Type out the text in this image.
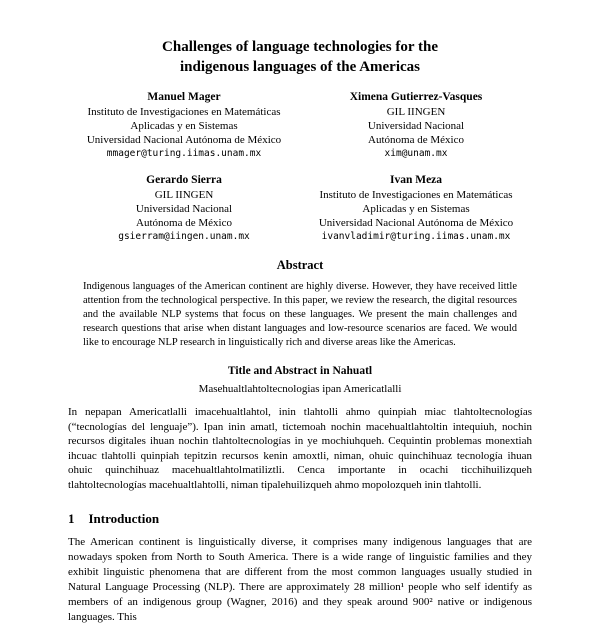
Challenges of language technologies for the
indigenous languages of the Americas
Manuel Mager
Instituto de Investigaciones en Matemáticas
Aplicadas y en Sistemas
Universidad Nacional Autónoma de México
mmager@turing.iimas.unam.mx
Ximena Gutierrez-Vasques
GIL IINGEN
Universidad Nacional
Autónoma de México
xim@unam.mx
Gerardo Sierra
GIL IINGEN
Universidad Nacional
Autónoma de México
gsierram@iingen.unam.mx
Ivan Meza
Instituto de Investigaciones en Matemáticas
Aplicadas y en Sistemas
Universidad Nacional Autónoma de México
ivanvladimir@turing.iimas.unam.mx
Abstract

Indigenous languages of the American continent are highly diverse. However, they have received little attention from the technological perspective. In this paper, we review the research, the digital resources and the available NLP systems that focus on these languages. We present the main challenges and research questions that arise when distant languages and low-resource scenarios are faced. We would like to encourage NLP research in linguistically rich and diverse areas like the Americas.

Title and Abstract in Nahuatl
Masehualtlahtoltecnologias ipan Americatlalli

In nepapan Americatlalli imacehualtlahtol, inin tlahtolli ahmo quinpiah miac tlahtoltecnologías (“tecnologías del lenguaje”). Ipan inin amatl, tictemoah nochin macehualtlahtoltin intequiuh, nochin recursos digitales ihuan nochin tlahtoltecnologías in ye mochiuhqueh. Cequintin problemas monextiah ihcuac tlahtolli quinpiah tepitzin recursos kenin amoxtli, niman, ohuic quinchihuaz tecnología ihuan ohuic quinchihuaz macehualtlahtolmatiliztli. Cenca importante in ocachi ticchihuilizqueh tlahtoltecnologías macehualtlahtolli, niman tipalehuilizqueh ahmo mopolozqueh inin tlahtolli.

1 Introduction

The American continent is linguistically diverse, it comprises many indigenous languages that are nowadays spoken from North to South America. There is a wide range of linguistic families and they exhibit linguistic phenomena that are different from the most common languages usually studied in Natural Language Processing (NLP). There are approximately 28 million¹ people who self identify as members of an indigenous group (Wagner, 2016) and they speak around 900² native or indigenous languages. This
